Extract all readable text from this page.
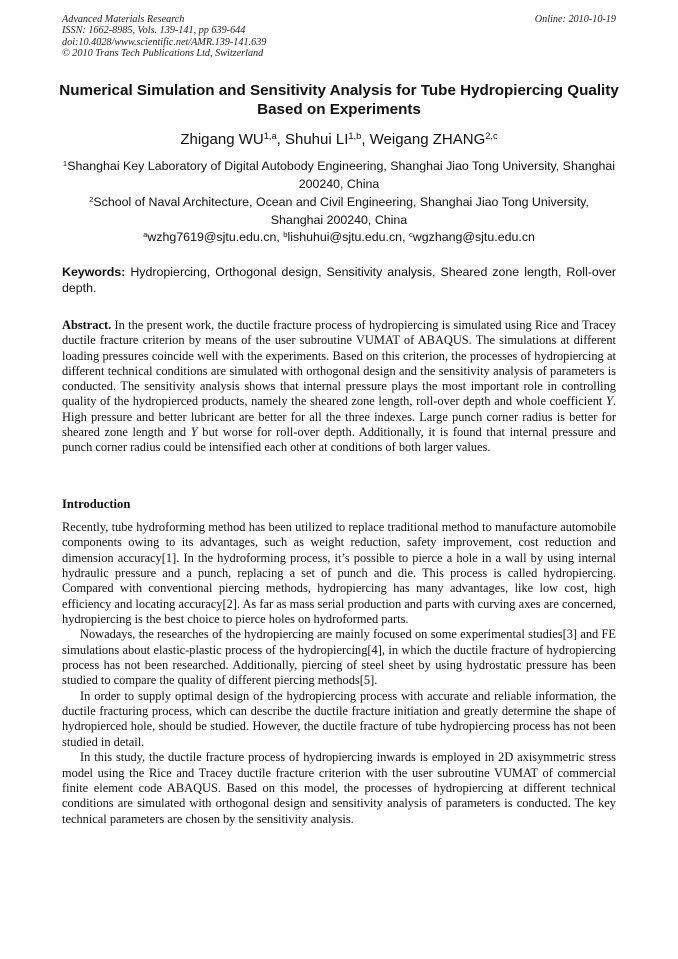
Advanced Materials Research
ISSN: 1662-8985, Vols. 139-141, pp 639-644
doi:10.4028/www.scientific.net/AMR.139-141.639
© 2010 Trans Tech Publications Ltd, Switzerland
Online: 2010-10-19
Numerical Simulation and Sensitivity Analysis for Tube Hydropiercing Quality Based on Experiments
Zhigang WU$^{1,a}$, Shuhui LI$^{1,b}$, Weigang ZHANG$^{2,c}$
$^1$Shanghai Key Laboratory of Digital Autobody Engineering, Shanghai Jiao Tong University, Shanghai 200240, China
$^2$School of Naval Architecture, Ocean and Civil Engineering, Shanghai Jiao Tong University, Shanghai 200240, China
$^a$wzhg7619@sjtu.edu.cn, $^b$lishuhui@sjtu.edu.cn, $^c$wgzhang@sjtu.edu.cn
Keywords: Hydropiercing, Orthogonal design, Sensitivity analysis, Sheared zone length, Roll-over depth.
Abstract. In the present work, the ductile fracture process of hydropiercing is simulated using Rice and Tracey ductile fracture criterion by means of the user subroutine VUMAT of ABAQUS. The simulations at different loading pressures coincide well with the experiments. Based on this criterion, the processes of hydropiercing at different technical conditions are simulated with orthogonal design and the sensitivity analysis of parameters is conducted. The sensitivity analysis shows that internal pressure plays the most important role in controlling quality of the hydropierced products, namely the sheared zone length, roll-over depth and whole coefficient Y. High pressure and better lubricant are better for all the three indexes. Large punch corner radius is better for sheared zone length and Y but worse for roll-over depth. Additionally, it is found that internal pressure and punch corner radius could be intensified each other at conditions of both larger values.
Introduction

Recently, tube hydroforming method has been utilized to replace traditional method to manufacture automobile components owing to its advantages, such as weight reduction, safety improvement, cost reduction and dimension accuracy[1]. In the hydroforming process, it’s possible to pierce a hole in a wall by using internal hydraulic pressure and a punch, replacing a set of punch and die. This process is called hydropiercing. Compared with conventional piercing methods, hydropiercing has many advantages, like low cost, high efficiency and locating accuracy[2]. As far as mass serial production and parts with curving axes are concerned, hydropiercing is the best choice to pierce holes on hydroformed parts.

Nowadays, the researches of the hydropiercing are mainly focused on some experimental studies[3] and FE simulations about elastic-plastic process of the hydropiercing[4], in which the ductile fracture of hydropiercing process has not been researched. Additionally, piercing of steel sheet by using hydrostatic pressure has been studied to compare the quality of different piercing methods[5].

In order to supply optimal design of the hydropiercing process with accurate and reliable information, the ductile fracturing process, which can describe the ductile fracture initiation and greatly determine the shape of hydropierced hole, should be studied. However, the ductile fracture of tube hydropiercing process has not been studied in detail.

In this study, the ductile fracture process of hydropiercing inwards is employed in 2D axisymmetric stress model using the Rice and Tracey ductile fracture criterion with the user subroutine VUMAT of commercial finite element code ABAQUS. Based on this model, the processes of hydropiercing at different technical conditions are simulated with orthogonal design and sensitivity analysis of parameters is conducted. The key technical parameters are chosen by the sensitivity analysis.
